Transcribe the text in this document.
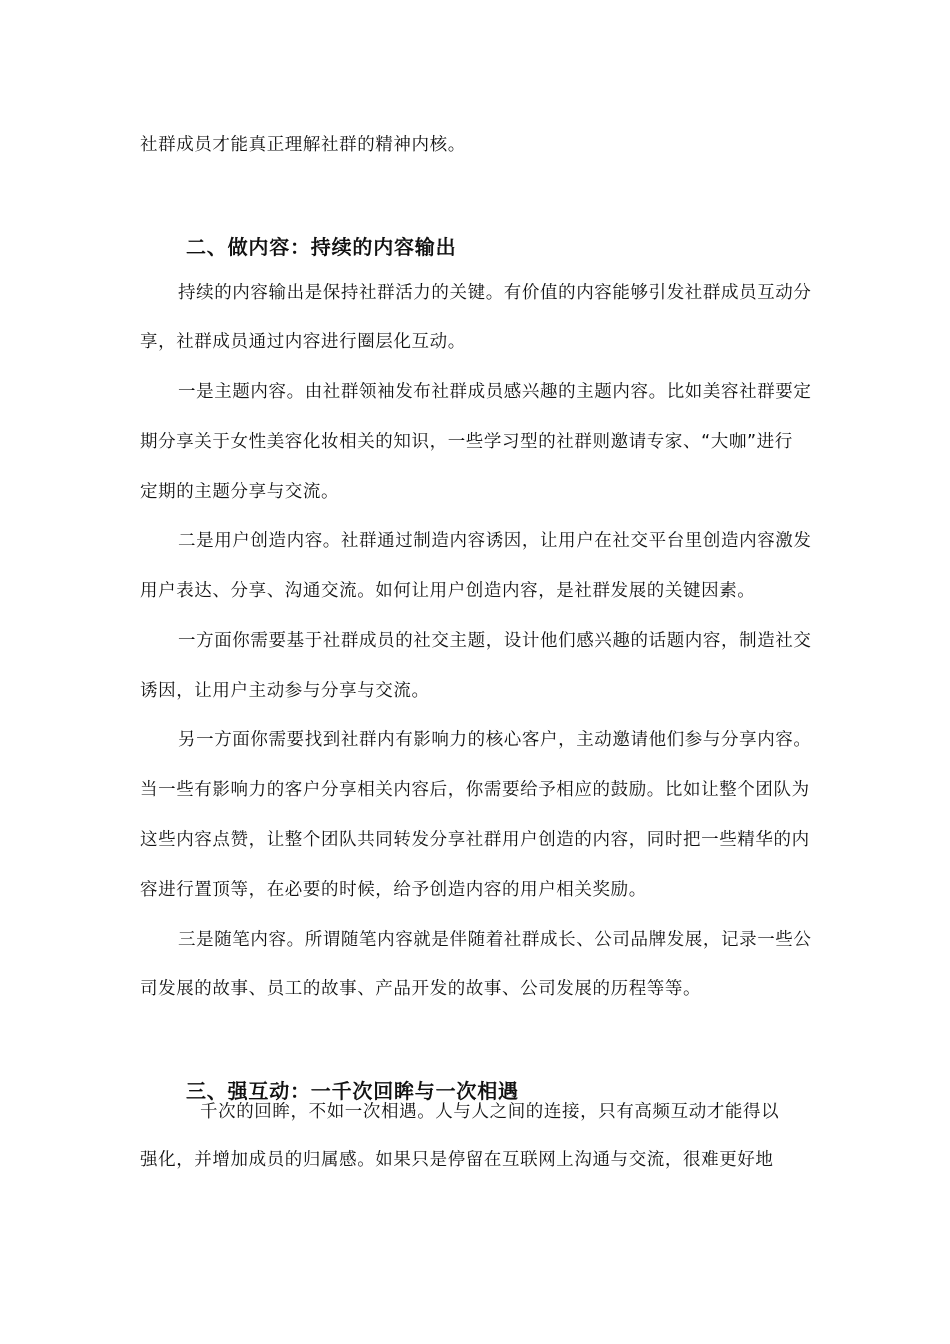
社群成员才能真正理解社群的精神内核。
二、做内容：持续的内容输出
持续的内容输出是保持社群活力的关键。有价值的内容能够引发社群成员互动分
享，社群成员通过内容进行圈层化互动。
一是主题内容。由社群领袖发布社群成员感兴趣的主题内容。比如美容社群要定
期分享关于女性美容化妆相关的知识，一些学习型的社群则邀请专家、“大咖”进行
定期的主题分享与交流。
二是用户创造内容。社群通过制造内容诱因，让用户在社交平台里创造内容激发
用户表达、分享、沟通交流。如何让用户创造内容，是社群发展的关键因素。
一方面你需要基于社群成员的社交主题，设计他们感兴趣的话题内容，制造社交
诱因，让用户主动参与分享与交流。
另一方面你需要找到社群内有影响力的核心客户，主动邀请他们参与分享内容。
当一些有影响力的客户分享相关内容后，你需要给予相应的鼓励。比如让整个团队为
这些内容点赞，让整个团队共同转发分享社群用户创造的内容，同时把一些精华的内
容进行置顶等，在必要的时候，给予创造内容的用户相关奖励。
三是随笔内容。所谓随笔内容就是伴随着社群成长、公司品牌发展，记录一些公
司发展的故事、员工的故事、产品开发的故事、公司发展的历程等等。
三、强互动：一千次回眸与一次相遇
千次的回眸，不如一次相遇。人与人之间的连接，只有高频互动才能得以
强化，并增加成员的归属感。如果只是停留在互联网上沟通与交流，很难更好地
